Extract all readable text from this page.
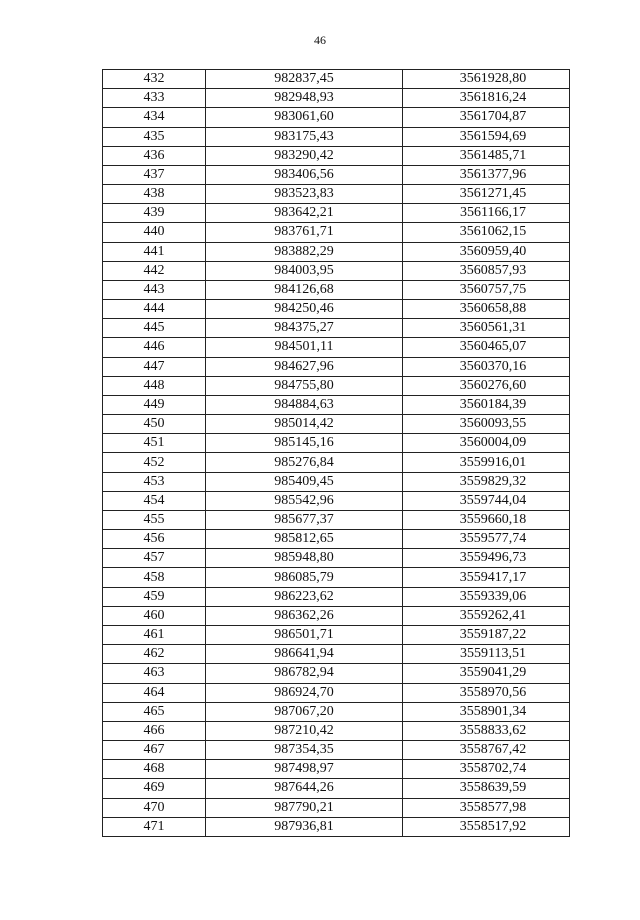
46
432	982837,45	3561928,80
433	982948,93	3561816,24
434	983061,60	3561704,87
435	983175,43	3561594,69
436	983290,42	3561485,71
437	983406,56	3561377,96
438	983523,83	3561271,45
439	983642,21	3561166,17
440	983761,71	3561062,15
441	983882,29	3560959,40
442	984003,95	3560857,93
443	984126,68	3560757,75
444	984250,46	3560658,88
445	984375,27	3560561,31
446	984501,11	3560465,07
447	984627,96	3560370,16
448	984755,80	3560276,60
449	984884,63	3560184,39
450	985014,42	3560093,55
451	985145,16	3560004,09
452	985276,84	3559916,01
453	985409,45	3559829,32
454	985542,96	3559744,04
455	985677,37	3559660,18
456	985812,65	3559577,74
457	985948,80	3559496,73
458	986085,79	3559417,17
459	986223,62	3559339,06
460	986362,26	3559262,41
461	986501,71	3559187,22
462	986641,94	3559113,51
463	986782,94	3559041,29
464	986924,70	3558970,56
465	987067,20	3558901,34
466	987210,42	3558833,62
467	987354,35	3558767,42
468	987498,97	3558702,74
469	987644,26	3558639,59
470	987790,21	3558577,98
471	987936,81	3558517,92
